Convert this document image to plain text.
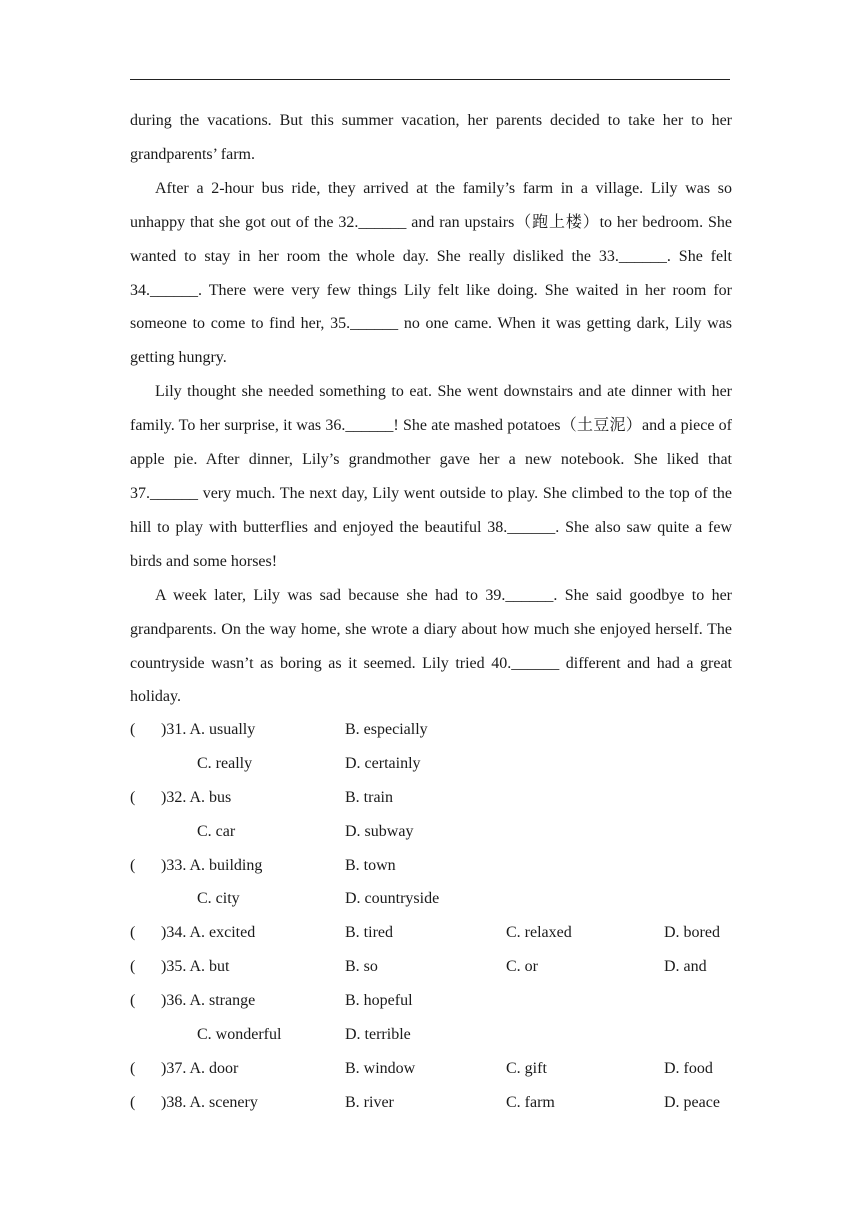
during the vacations. But this summer vacation, her parents decided to take her to her grandparents’ farm.

After a 2-hour bus ride, they arrived at the family’s farm in a village. Lily was so unhappy that she got out of the 32.______ and ran upstairs（跑上楼）to her bedroom. She wanted to stay in her room the whole day. She really disliked the 33.______. She felt 34.______. There were very few things Lily felt like doing. She waited in her room for someone to come to find her, 35.______ no one came. When it was getting dark, Lily was getting hungry.

Lily thought she needed something to eat. She went downstairs and ate dinner with her family. To her surprise, it was 36.______! She ate mashed potatoes（土豆泥）and a piece of apple pie. After dinner, Lily’s grandmother gave her a new notebook. She liked that 37.______ very much. The next day, Lily went outside to play. She climbed to the top of the hill to play with butterflies and enjoyed the beautiful 38.______. She also saw quite a few birds and some horses!

A week later, Lily was sad because she had to 39.______. She said goodbye to her grandparents. On the way home, she wrote a diary about how much she enjoyed herself. The countryside wasn’t as boring as it seemed. Lily tried 40.______ different and had a great holiday.

( )31. A. usually	B. especially
C. really	D. certainly
( )32. A. bus	B. train
C. car	D. subway
( )33. A. building	B. town
C. city	D. countryside
( )34. A. excited	B. tired	C. relaxed	D. bored
( )35. A. but	B. so	C. or	D. and
( )36. A. strange	B. hopeful
C. wonderful	D. terrible
( )37. A. door	B. window	C. gift	D. food
( )38. A. scenery	B. river	C. farm	D. peace
